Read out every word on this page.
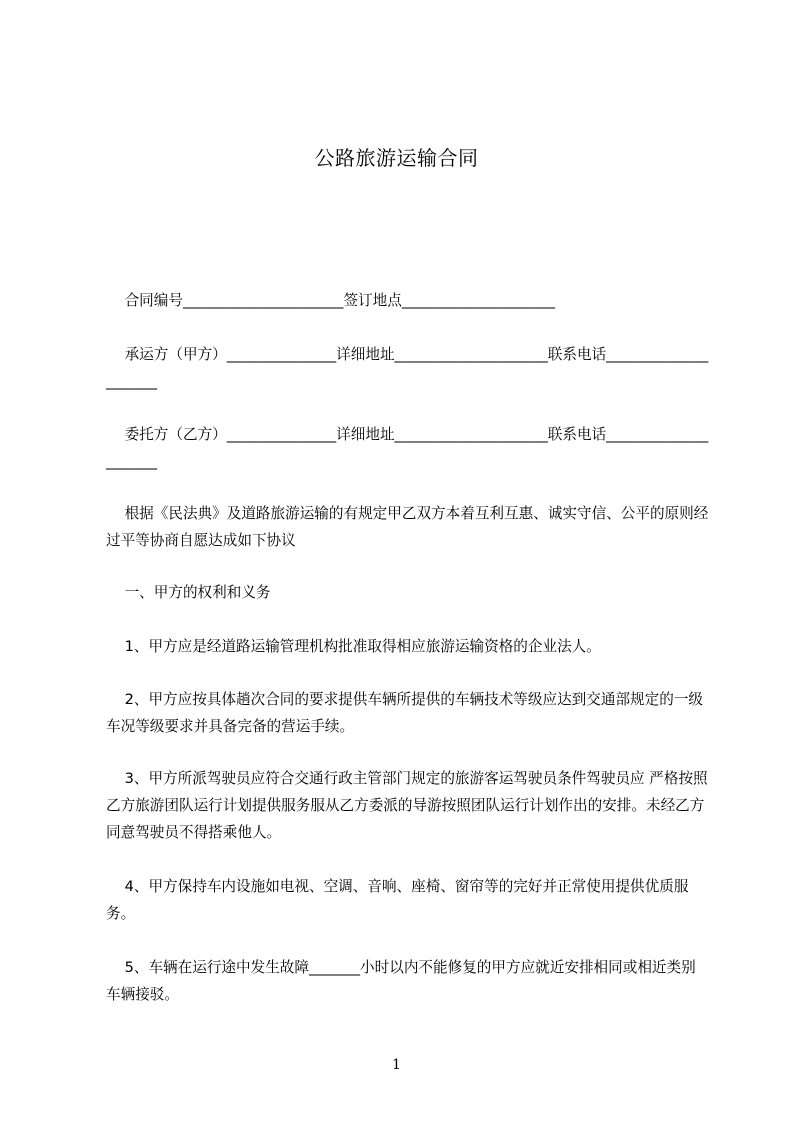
公路旅游运输合同
合同编号______________________签订地点_____________________
承运方（甲方）_______________详细地址_____________________联系电话_____________________
委托方（乙方）_______________详细地址_____________________联系电话_____________________
根据《民法典》及道路旅游运输的有规定甲乙双方本着互利互惠、诚实守信、公平的原则经过平等协商自愿达成如下协议
一、甲方的权利和义务
1、甲方应是经道路运输管理机构批准取得相应旅游运输资格的企业法人。
2、甲方应按具体趟次合同的要求提供车辆所提供的车辆技术等级应达到交通部规定的一级车况等级要求并具备完备的营运手续。
3、甲方所派驾驶员应符合交通行政主管部门规定的旅游客运驾驶员条件驾驶员应 严格按照乙方旅游团队运行计划提供服务服从乙方委派的导游按照团队运行计划作出的安排。未经乙方同意驾驶员不得搭乘他人。
4、甲方保持车内设施如电视、空调、音响、座椅、窗帘等的完好并正常使用提供优质服务。
5、车辆在运行途中发生故障_______小时以内不能修复的甲方应就近安排相同或相近类别车辆接驳。
1
